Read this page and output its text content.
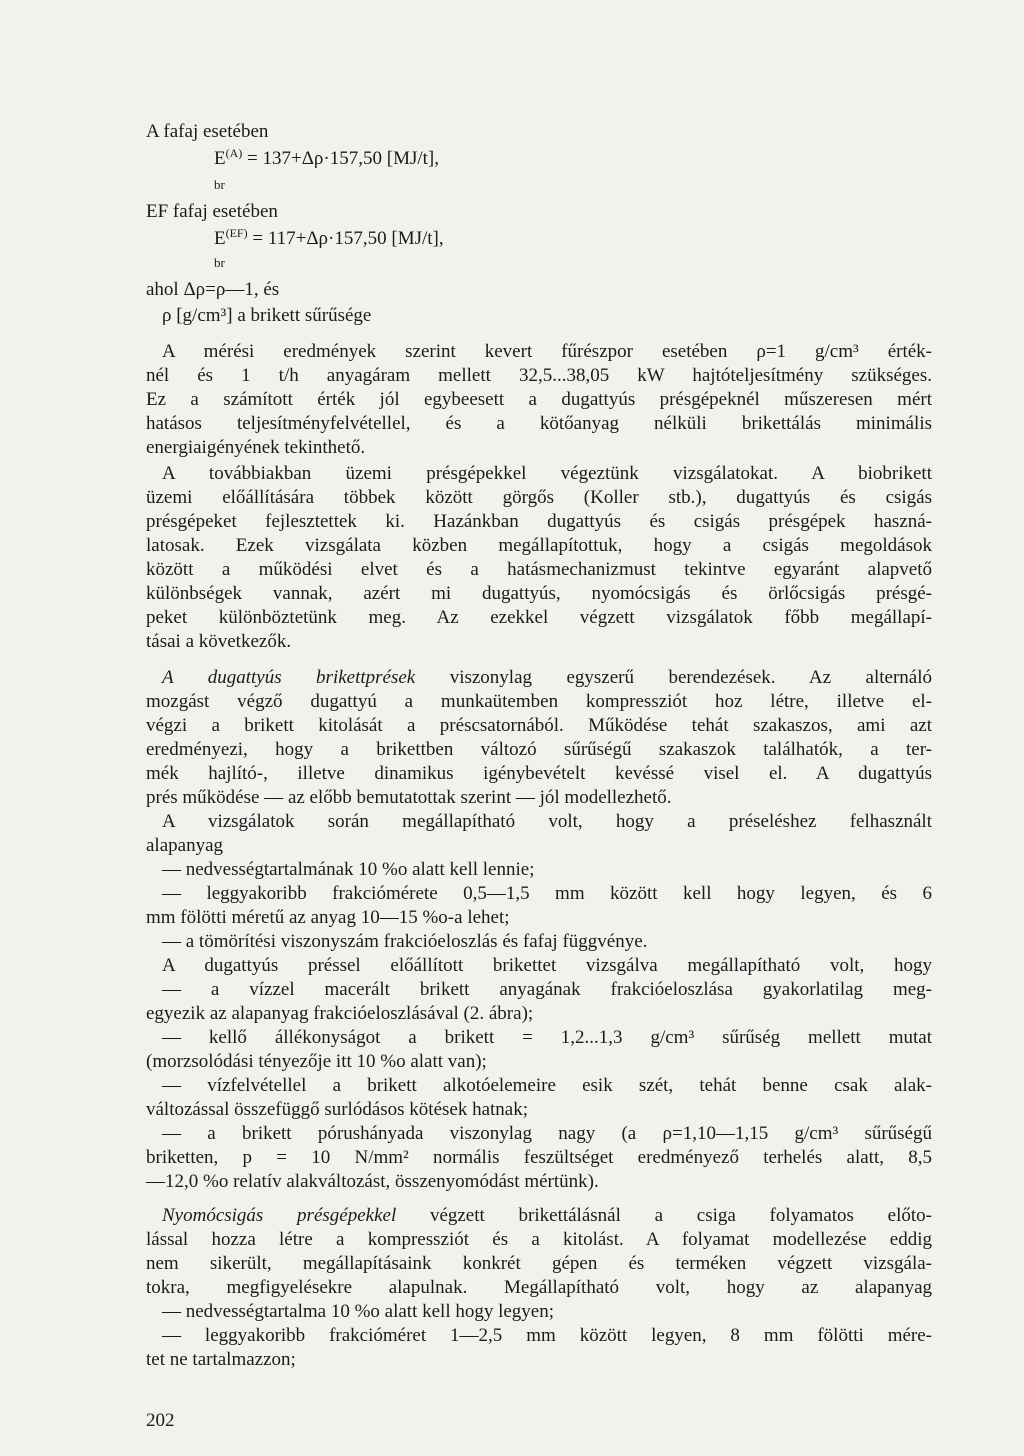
A fafaj esetében
$E^{(A)} = 137+\Delta\rho\cdot 157,50$ [MJ/t],
br
EF fafaj esetében
$E^{(EF)} = 117+\Delta\rho\cdot 157,50$ [MJ/t],
br
ahol Δρ=ρ—1, és
ρ [g/cm³] a brikett sűrűsége
A mérési eredmények szerint kevert fűrészpor esetében ρ=1 g/cm³ érték-
nél és 1 t/h anyagáram mellett 32,5...38,05 kW hajtóteljesítmény szükséges.
Ez a számított érték jól egybeesett a dugattyús présgépeknél műszeresen mért
hatásos teljesítményfelvétellel, és a kötőanyag nélküli brikettálás minimális
energiaigényének tekinthető.
A továbbiakban üzemi présgépekkel végeztünk vizsgálatokat. A biobrikett
üzemi előállítására többek között görgős (Koller stb.), dugattyús és csigás
présgépeket fejlesztettek ki. Hazánkban dugattyús és csigás présgépek haszná-
latosak. Ezek vizsgálata közben megállapítottuk, hogy a csigás megoldások
között a működési elvet és a hatásmechanizmust tekintve egyaránt alapvető
különbségek vannak, azért mi dugattyús, nyomócsigás és örlőcsigás présgé-
peket különböztetünk meg. Az ezekkel végzett vizsgálatok főbb megállapí-
tásai a következők.
A dugattyús brikettprések viszonylag egyszerű berendezések. Az alternáló
mozgást végző dugattyú a munkaütemben kompressziót hoz létre, illetve el-
végzi a brikett kitolását a préscsatornából. Működése tehát szakaszos, ami azt
eredményezi, hogy a brikettben változó sűrűségű szakaszok találhatók, a ter-
mék hajlító-, illetve dinamikus igénybevételt kevéssé visel el. A dugattyús
prés működése — az előbb bemutatottak szerint — jól modellezhető.
A vizsgálatok során megállapítható volt, hogy a préseléshez felhasznált
alapanyag
— nedvességtartalmának 10 %o alatt kell lennie;
— leggyakoribb frakciómérete 0,5—1,5 mm között kell hogy legyen, és 6
mm fölötti méretű az anyag 10—15 %o-a lehet;
— a tömörítési viszonyszám frakcióeloszlás és fafaj függvénye.
A dugattyús préssel előállított brikettet vizsgálva megállapítható volt, hogy
— a vízzel macerált brikett anyagának frakcióeloszlása gyakorlatilag meg-
egyezik az alapanyag frakcióeloszlásával (2. ábra);
— kellő állékonyságot a brikett = 1,2...1,3 g/cm³ sűrűség mellett mutat
(morzsolódási tényezője itt 10 %o alatt van);
— vízfelvétellel a brikett alkotóelemeire esik szét, tehát benne csak alak-
változással összefüggő surlódásos kötések hatnak;
— a brikett pórushányada viszonylag nagy (a ρ=1,10—1,15 g/cm³ sűrűségű
briketten, p = 10 N/mm² normális feszültséget eredményező terhelés alatt, 8,5
—12,0 %o relatív alakváltozást, összenyomódást mértünk).
Nyomócsigás présgépekkel végzett brikettálásnál a csiga folyamatos előto-
lással hozza létre a kompressziót és a kitolást. A folyamat modellezése eddig
nem sikerült, megállapításaink konkrét gépen és terméken végzett vizsgála-
tokra, megfigyelésekre alapulnak. Megállapítható volt, hogy az alapanyag
— nedvességtartalma 10 %o alatt kell hogy legyen;
— leggyakoribb frakcióméret 1—2,5 mm között legyen, 8 mm fölötti mére-
tet ne tartalmazzon;
202
